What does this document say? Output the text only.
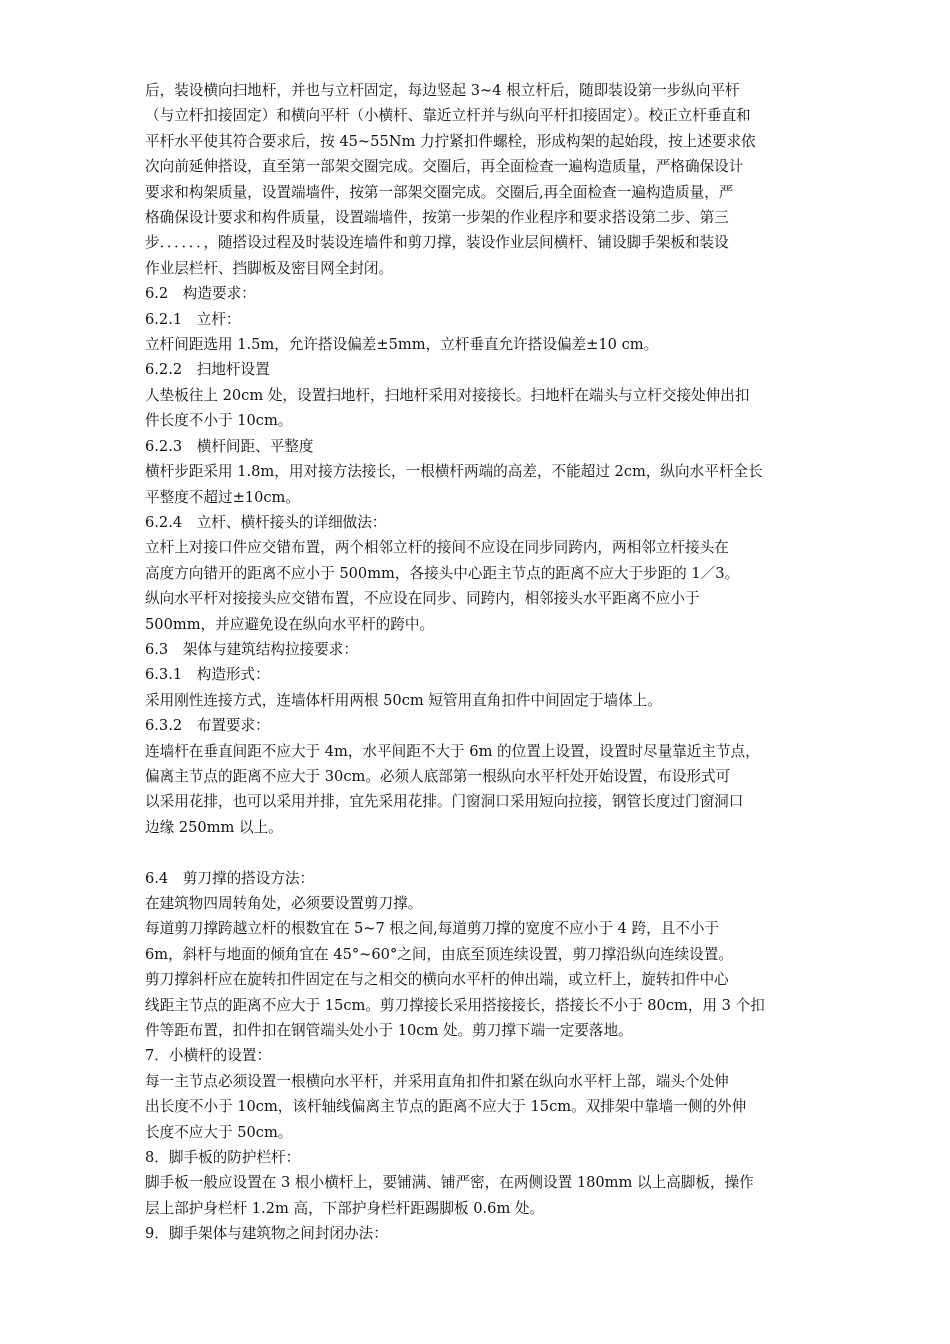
后，装设横向扫地杆，并也与立杆固定，每边竖起 3~4 根立杆后，随即装设第一步纵向平杆
（与立杆扣接固定）和横向平杆（小横杆、靠近立杆并与纵向平杆扣接固定）。校正立杆垂直和
平杆水平使其符合要求后，按 45~55Nm 力拧紧扣件螺栓，形成构架的起始段，按上述要求依
次向前延伸搭设，直至第一部架交圈完成。交圈后，再全面检查一遍构造质量，严格确保设计
要求和构架质量，设置端墙件，按第一部架交圈完成。交圈后,再全面检查一遍构造质量，严
格确保设计要求和构件质量，设置端墙件，按第一步架的作业程序和要求搭设第二步、第三
步．．．．．．，随搭设过程及时装设连墙件和剪刀撑，装设作业层间横杆、铺设脚手架板和装设
作业层栏杆、挡脚板及密目网全封闭。
6.2　构造要求：
6.2.1　立杆：
立杆间距选用 1.5m，允许搭设偏差±5mm，立杆垂直允许搭设偏差±10 cm。
6.2.2　扫地杆设置
人垫板往上 20cm 处，设置扫地杆，扫地杆采用对接接长。扫地杆在端头与立杆交接处伸出扣
件长度不小于 10cm。
6.2.3　横杆间距、平整度
横杆步距采用 1.8m，用对接方法接长，一根横杆两端的高差，不能超过 2cm，纵向水平杆全长
平整度不超过±10cm。
6.2.4　立杆、横杆接头的详细做法：
立杆上对接口件应交错布置，两个相邻立杆的接间不应设在同步同跨内，两相邻立杆接头在
高度方向错开的距离不应小于 500mm，各接头中心距主节点的距离不应大于步距的 1／3。
纵向水平杆对接接头应交错布置，不应设在同步、同跨内，相邻接头水平距离不应小于
500mm，并应避免设在纵向水平杆的跨中。
6.3　架体与建筑结构拉接要求：
6.3.1　构造形式：
采用刚性连接方式，连墙体杆用两根 50cm 短管用直角扣件中间固定于墙体上。
6.3.2　布置要求：
连墙杆在垂直间距不应大于 4m，水平间距不大于 6m 的位置上设置，设置时尽量靠近主节点，
偏离主节点的距离不应大于 30cm。必须人底部第一根纵向水平杆处开始设置，布设形式可
以采用花排，也可以采用并排，宜先采用花排。门窗洞口采用短向拉接，钢管长度过门窗洞口
边缘 250mm 以上。
6.4　剪刀撑的搭设方法：
在建筑物四周转角处，必须要设置剪刀撑。
每道剪刀撑跨越立杆的根数宜在 5~7 根之间,每道剪刀撑的宽度不应小于 4 跨，且不小于
6m，斜杆与地面的倾角宜在 45°~60°之间，由底至顶连续设置，剪刀撑沿纵向连续设置。
剪刀撑斜杆应在旋转扣件固定在与之相交的横向水平杆的伸出端，或立杆上，旋转扣件中心
线距主节点的距离不应大于 15cm。剪刀撑接长采用搭接接长，搭接长不小于 80cm，用 3 个扣
件等距布置，扣件扣在钢管端头处小于 10cm 处。剪刀撑下端一定要落地。
7．小横杆的设置：
每一主节点必须设置一根横向水平杆，并采用直角扣件扣紧在纵向水平杆上部，端头个处伸
出长度不小于 10cm，该杆轴线偏离主节点的距离不应大于 15cm。双排架中靠墙一侧的外伸
长度不应大于 50cm。
8．脚手板的防护栏杆：
脚手板一般应设置在 3 根小横杆上，要铺满、铺严密，在两侧设置 180mm 以上高脚板，操作
层上部护身栏杆 1.2m 高，下部护身栏杆距踢脚板 0.6m 处。
9．脚手架体与建筑物之间封闭办法：
